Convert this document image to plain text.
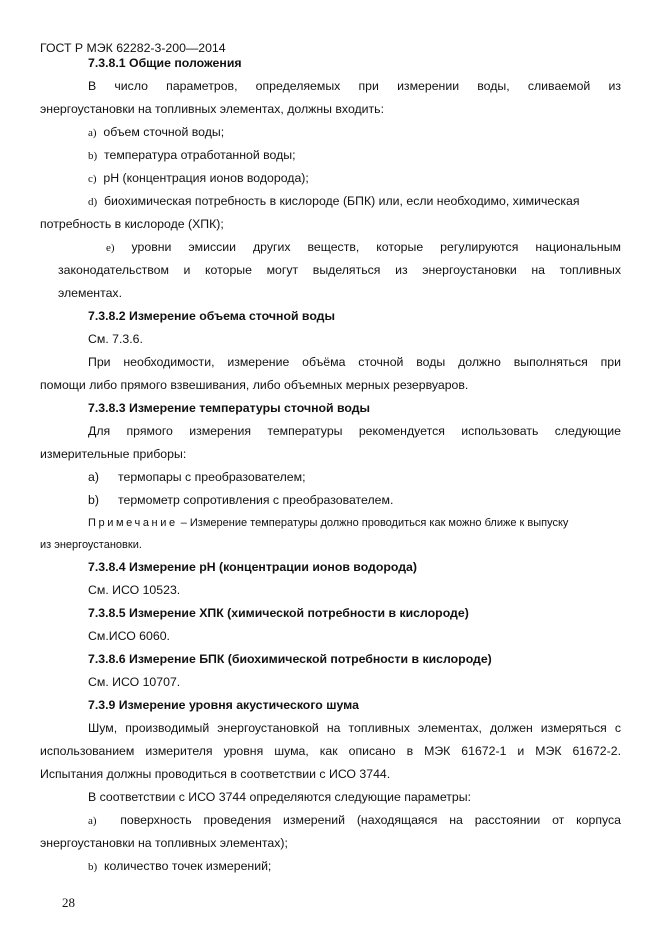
ГОСТ Р МЭК 62282-3-200—2014
7.3.8.1 Общие положения
В число параметров, определяемых при измерении воды, сливаемой из
энергоустановки на топливных элементах, должны входить:
a) объем сточной воды;
b) температура отработанной воды;
c) pH (концентрация ионов водорода);
d) биохимическая потребность в кислороде (БПК) или, если необходимо, химическая
потребность в кислороде (ХПК);
e) уровни эмиссии других веществ, которые регулируются национальным
законодательством и которые могут выделяться из энергоустановки на топливных
элементах.
7.3.8.2 Измерение объема сточной воды
См. 7.3.6.
При необходимости, измерение объёма сточной воды должно выполняться при
помощи либо прямого взвешивания, либо объемных мерных резервуаров.
7.3.8.3 Измерение температуры сточной воды
Для прямого измерения температуры рекомендуется использовать следующие
измерительные приборы:
a) термопары с преобразователем;
b) термометр сопротивления с преобразователем.
Примечание – Измерение температуры должно проводиться как можно ближе к выпуску
из энергоустановки.
7.3.8.4 Измерение pH (концентрации ионов водорода)
См. ИСО 10523.
7.3.8.5 Измерение ХПК (химической потребности в кислороде)
См.ИСО 6060.
7.3.8.6 Измерение БПК (биохимической потребности в кислороде)
См. ИСО 10707.
7.3.9 Измерение уровня акустического шума
Шум, производимый энергоустановкой на топливных элементах, должен измеряться с
использованием измерителя уровня шума, как описано в МЭК 61672-1 и МЭК 61672-2.
Испытания должны проводиться в соответствии с ИСО 3744.
В соответствии с ИСО 3744 определяются следующие параметры:
a) поверхность проведения измерений (находящаяся на расстоянии от корпуса
энергоустановки на топливных элементах);
b) количество точек измерений;
28
